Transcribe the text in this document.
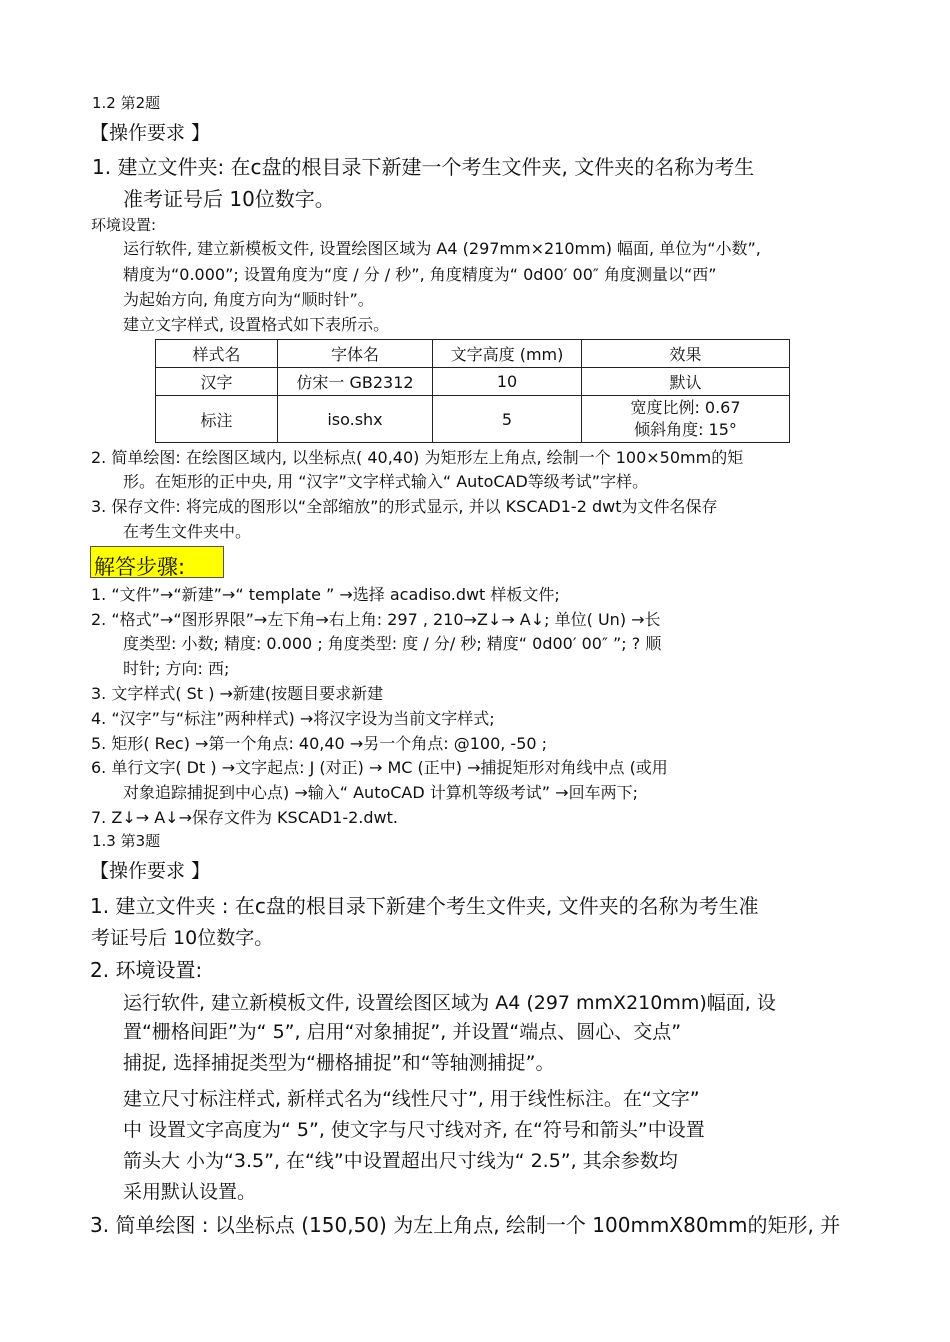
1.2 第2题
【操作要求 】
1. 建立文件夹: 在c盘的根目录下新建一个考生文件夹, 文件夹的名称为考生
准考证号后 10位数字。
环境设置:
运行软件, 建立新模板文件, 设置绘图区域为 A4 (297mm×210mm) 幅面, 单位为“小数”,
精度为“0.000”; 设置角度为“度 / 分 / 秒”, 角度精度为“ 0d00′ 00″ 角度测量以“西”
为起始方向, 角度方向为“顺时针”。
建立文字样式, 设置格式如下表所示。
样式名	字体名	文字高度 (mm)	效果
汉字	仿宋一 GB2312	10	默认
标注	iso.shx	5	宽度比例: 0.67
倾斜角度: 15°
2. 简单绘图: 在绘图区域内, 以坐标点( 40,40) 为矩形左上角点, 绘制一个 100×50mm的矩
形。在矩形的正中央, 用 “汉字”文字样式输入“ AutoCAD等级考试”字样。
3. 保存文件: 将完成的图形以“全部缩放”的形式显示, 并以 KSCAD1-2 dwt为文件名保存
在考生文件夹中。
解答步骤:
1. “文件”→“新建”→“ template ” →选择 acadiso.dwt 样板文件;
2. “格式”→“图形界限”→左下角→右上角: 297 , 210→Z↓→ A↓; 单位( Un) →长
度类型: 小数; 精度: 0.000 ; 角度类型: 度 / 分/ 秒; 精度“ 0d00′ 00″ ”; ? 顺
时针; 方向: 西;
3. 文字样式( St ) →新建(按题目要求新建
4. “汉字”与“标注”两种样式) →将汉字设为当前文字样式;
5. 矩形( Rec) →第一个角点: 40,40 →另一个角点: @100, -50 ;
6. 单行文字( Dt ) →文字起点: J (对正) → MC (正中) →捕捉矩形对角线中点 (或用
对象追踪捕捉到中心点) →输入“ AutoCAD 计算机等级考试” →回车两下;
7. Z↓→ A↓→保存文件为 KSCAD1-2.dwt.
1.3 第3题
【操作要求 】
1. 建立文件夹 : 在c盘的根目录下新建个考生文件夹, 文件夹的名称为考生准
考证号后 10位数字。
2. 环境设置:
运行软件, 建立新模板文件, 设置绘图区域为 A4 (297 mmX210mm)幅面, 设
置“栅格间距”为“ 5”, 启用“对象捕捉”, 并设置“端点、圆心、交点”
捕捉, 选择捕捉类型为“栅格捕捉”和“等轴测捕捉”。
建立尺寸标注样式, 新样式名为“线性尺寸”, 用于线性标注。在“文字”
中 设置文字高度为“ 5”, 使文字与尺寸线对齐, 在“符号和箭头”中设置
箭头大 小为“3.5”, 在“线”中设置超出尺寸线为“ 2.5”, 其余参数均
采用默认设置。
3. 简单绘图 : 以坐标点 (150,50) 为左上角点, 绘制一个 100mmX80mm的矩形, 并
